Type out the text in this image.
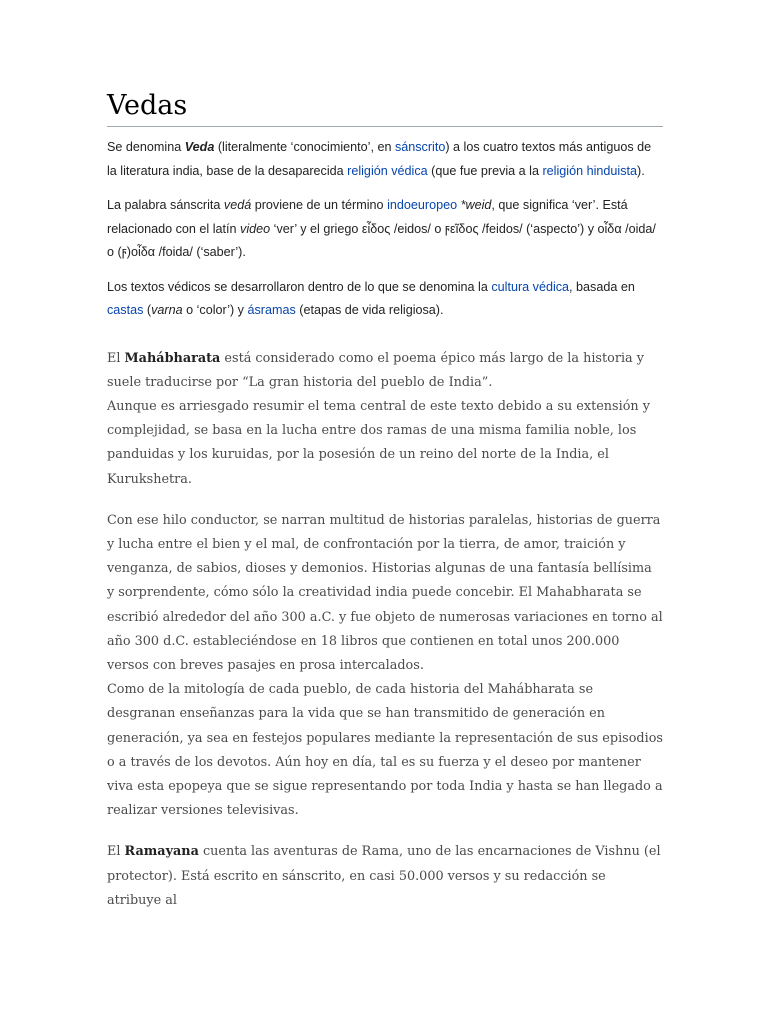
Vedas

Se denomina Veda (literalmente ‘conocimiento’, en sánscrito) a los cuatro textos más antiguos de la literatura india, base de la desaparecida religión védica (que fue previa a la religión hinduista).

La palabra sánscrita vedá proviene de un término indoeuropeo *weid, que significa ‘ver’. Está relacionado con el latín video ‘ver’ y el griego εἶδος /eidos/ o ϝεῖδος /feidos/ (‘aspecto’) y οἶδα /oida/ o (ϝ)οἶδα /foida/ (‘saber’).

Los textos védicos se desarrollaron dentro de lo que se denomina la cultura védica, basada en castas (varna o ‘color’) y ásramas (etapas de vida religiosa).

El Mahábharata está considerado como el poema épico más largo de la historia y suele traducirse por “La gran historia del pueblo de India”.

Aunque es arriesgado resumir el tema central de este texto debido a su extensión y complejidad, se basa en la lucha entre dos ramas de una misma familia noble, los panduidas y los kuruidas, por la posesión de un reino del norte de la India, el Kurukshetra.

Con ese hilo conductor, se narran multitud de historias paralelas, historias de guerra y lucha entre el bien y el mal, de confrontación por la tierra, de amor, traición y venganza, de sabios, dioses y demonios. Historias algunas de una fantasía bellísima y sorprendente, cómo sólo la creatividad india puede concebir. El Mahabharata se escribió alrededor del año 300 a.C. y fue objeto de numerosas variaciones en torno al año 300 d.C. estableciéndose en 18 libros que contienen en total unos 200.000 versos con breves pasajes en prosa intercalados.

Como de la mitología de cada pueblo, de cada historia del Mahábharata se desgranan enseñanzas para la vida que se han transmitido de generación en generación, ya sea en festejos populares mediante la representación de sus episodios o a través de los devotos. Aún hoy en día, tal es su fuerza y el deseo por mantener viva esta epopeya que se sigue representando por toda India y hasta se han llegado a realizar versiones televisivas.

El Ramayana cuenta las aventuras de Rama, uno de las encarnaciones de Vishnu (el protector). Está escrito en sánscrito, en casi 50.000 versos y su redacción se atribuye al
